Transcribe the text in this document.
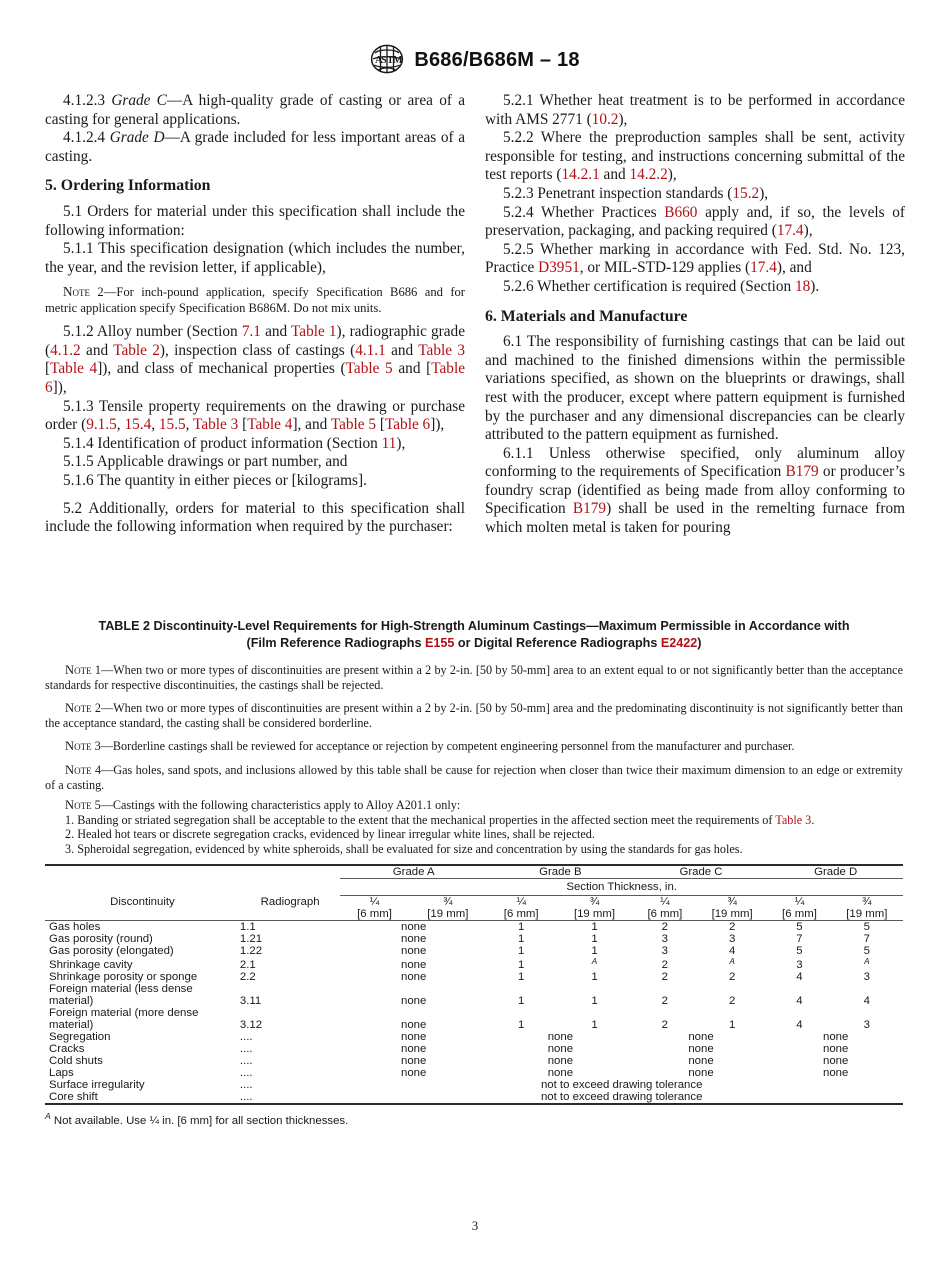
A
S T M B686/B686M – 18

4.1.2.3 Grade C—A high-quality grade of casting or area of a casting for general applications.

4.1.2.4 Grade D—A grade included for less important areas of a casting.

5. Ordering Information

5.1 Orders for material under this specification shall include the following information:

5.1.1 This specification designation (which includes the number, the year, and the revision letter, if applicable),

Note 2—For inch-pound application, specify Specification B686 and for metric application specify Specification B686M. Do not mix units.

5.1.2 Alloy number (Section 7.1 and Table 1), radiographic grade (4.1.2 and Table 2), inspection class of castings (4.1.1 and Table 3 [Table 4]), and class of mechanical properties (Table 5 and [Table 6]),

5.1.3 Tensile property requirements on the drawing or purchase order (9.1.5, 15.4, 15.5, Table 3 [Table 4], and Table 5 [Table 6]),

5.1.4 Identification of product information (Section 11),

5.1.5 Applicable drawings or part number, and

5.1.6 The quantity in either pieces or [kilograms].

5.2 Additionally, orders for material to this specification shall include the following information when required by the purchaser:

5.2.1 Whether heat treatment is to be performed in accordance with AMS 2771 (10.2),

5.2.2 Where the preproduction samples shall be sent, activity responsible for testing, and instructions concerning submittal of the test reports (14.2.1 and 14.2.2),

5.2.3 Penetrant inspection standards (15.2),

5.2.4 Whether Practices B660 apply and, if so, the levels of preservation, packaging, and packing required (17.4),

5.2.5 Whether marking in accordance with Fed. Std. No. 123, Practice D3951, or MIL-STD-129 applies (17.4), and

5.2.6 Whether certification is required (Section 18).

6. Materials and Manufacture

6.1 The responsibility of furnishing castings that can be laid out and machined to the finished dimensions within the permissible variations specified, as shown on the blueprints or drawings, shall rest with the producer, except where pattern equipment is furnished by the purchaser and any dimensional discrepancies can be clearly attributed to the pattern equipment as furnished.

6.1.1 Unless otherwise specified, only aluminum alloy conforming to the requirements of Specification B179 or producer’s foundry scrap (identified as being made from alloy conforming to Specification B179) shall be used in the remelting furnace from which molten metal is taken for pouring

TABLE 2 Discontinuity-Level Requirements for High-Strength Aluminum Castings—Maximum Permissible in Accordance with
(Film Reference Radiographs E155 or Digital Reference Radiographs E2422)

Note 1—When two or more types of discontinuities are present within a 2 by 2-in. [50 by 50-mm] area to an extent equal to or not significantly better than the acceptance standards for respective discontinuities, the castings shall be rejected.

Note 2—When two or more types of discontinuities are present within a 2 by 2-in. [50 by 50-mm] area and the predominating discontinuity is not significantly better than the acceptance standard, the casting shall be considered borderline.

Note 3—Borderline castings shall be reviewed for acceptance or rejection by competent engineering personnel from the manufacturer and purchaser.

Note 4—Gas holes, sand spots, and inclusions allowed by this table shall be cause for rejection when closer than twice their maximum dimension to an edge or extremity of a casting.

Note 5—Castings with the following characteristics apply to Alloy A201.1 only:

1. Banding or striated segregation shall be acceptable to the extent that the mechanical properties in the affected section meet the requirements of Table 3.

2. Healed hot tears or discrete segregation cracks, evidenced by linear irregular white lines, shall be rejected.

3. Spheroidal segregation, evidenced by white spheroids, shall be evaluated for size and concentration by using the standards for gas holes.

Discontinuity	Radiograph	Grade A		Grade B		Grade C		Grade D	
		Section Thickness, in.							
		¼	¾	¼	¾	¼	¾	¼	¾
		[6 mm]	[19 mm]	[6 mm]	[19 mm]	[6 mm]	[19 mm]	[6 mm]	[19 mm]
Gas holes	1.1	none		1	1	2	2	5	5
Gas porosity (round)	1.21	none		1	1	3	3	7	7
Gas porosity (elongated)	1.22	none		1	1	3	4	5	5
Shrinkage cavity	2.1	none		1	$^A$	2	$^A$	3	$^A$
Shrinkage porosity or sponge	2.2	none		1	1	2	2	4	3
Foreign material (less dense material)	3.11	none		1	1	2	2	4	4
Foreign material (more dense material)	3.12	none		1	1	2	1	4	3
Segregation	....	none		none		none		none	
Cracks	....	none		none		none		none	
Cold shuts	....	none		none		none		none	
Laps	....	none		none		none		none	
Surface irregularity	....	not to exceed drawing tolerance							
Core shift	....	not to exceed drawing tolerance							
$^A$ Not available. Use ¼ in. [6 mm] for all section thicknesses.
3
